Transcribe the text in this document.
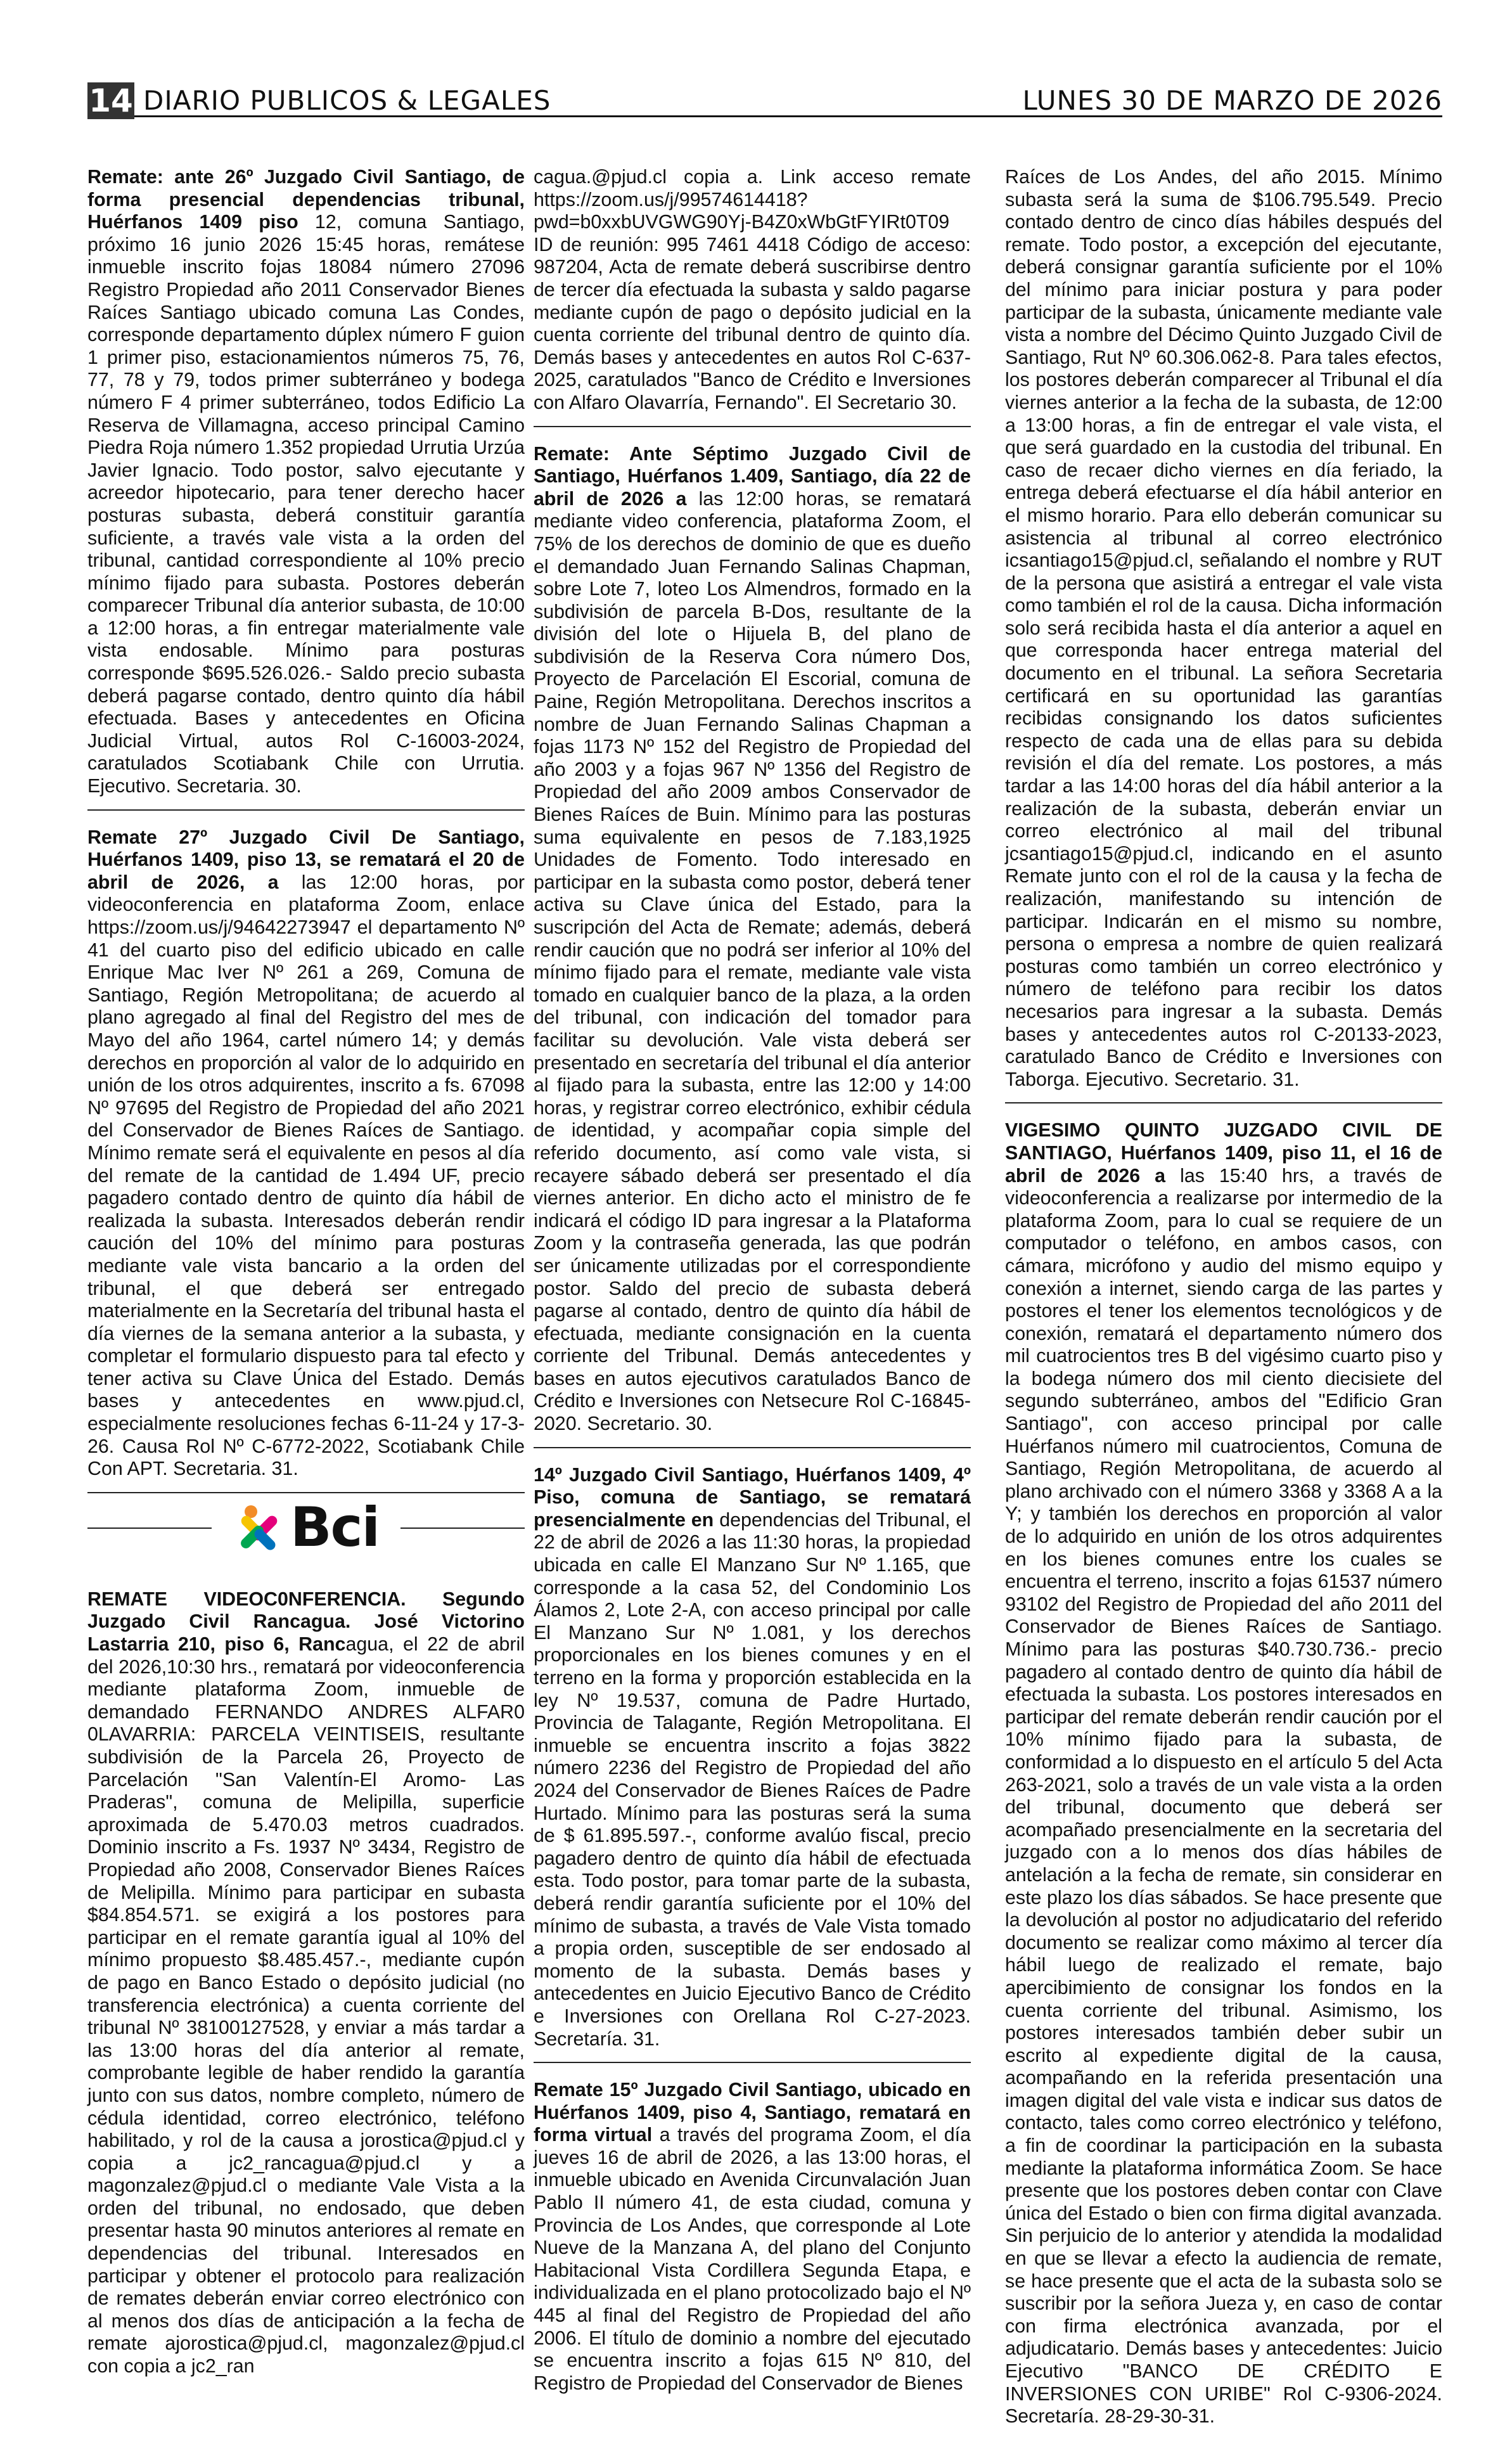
14 DIARIO PUBLICOS & LEGALES	LUNES 30 DE MARZO DE 2026
Remate: ante 26º Juzgado Civil Santiago, de forma presencial dependencias tribunal, Huérfanos 1409 piso 12, comuna Santiago, próximo 16 junio 2026 15:45 horas, remátese inmueble inscrito fojas 18084 número 27096 Registro Propiedad año 2011 Conservador Bienes Raíces Santiago ubicado comuna Las Condes, corresponde departamento dúplex número F guion 1 primer piso, estacionamientos números 75, 76, 77, 78 y 79, todos primer subterráneo y bodega número F 4 primer subterráneo, todos Edificio La Reserva de Villamagna, acceso principal Camino Piedra Roja número 1.352 propiedad Urrutia Urzúa Javier Ignacio. Todo postor, salvo ejecutante y acreedor hipotecario, para tener derecho hacer posturas subasta, deberá constituir garantía suficiente, a través vale vista a la orden del tribunal, cantidad correspondiente al 10% precio mínimo fijado para subasta. Postores deberán comparecer Tribunal día anterior subasta, de 10:00 a 12:00 horas, a fin entregar materialmente vale vista endosable. Mínimo para posturas corresponde $695.526.026.- Saldo precio subasta deberá pagarse contado, dentro quinto día hábil efectuada. Bases y antecedentes en Oficina Judicial Virtual, autos Rol C-16003-2024, caratulados Scotiabank Chile con Urrutia. Ejecutivo. Secretaria. 30.
Remate 27º Juzgado Civil De Santiago, Huérfanos 1409, piso 13, se rematará el 20 de abril de 2026, a las 12:00 horas, por videoconferencia en plataforma Zoom, enlace https://zoom.us/j/94642273947 el departamento Nº 41 del cuarto piso del edificio ubicado en calle Enrique Mac Iver Nº 261 a 269, Comuna de Santiago, Región Metropolitana; de acuerdo al plano agregado al final del Registro del mes de Mayo del año 1964, cartel número 14; y demás derechos en proporción al valor de lo adquirido en unión de los otros adquirentes, inscrito a fs. 67098 Nº 97695 del Registro de Propiedad del año 2021 del Conservador de Bienes Raíces de Santiago. Mínimo remate será el equivalente en pesos al día del remate de la cantidad de 1.494 UF, precio pagadero contado dentro de quinto día hábil de realizada la subasta. Interesados deberán rendir caución del 10% del mínimo para posturas mediante vale vista bancario a la orden del tribunal, el que deberá ser entregado materialmente en la Secretaría del tribunal hasta el día viernes de la semana anterior a la subasta, y completar el formulario dispuesto para tal efecto y tener activa su Clave Única del Estado. Demás bases y antecedentes en www.pjud.cl, especialmente resoluciones fechas 6-11-24 y 17-3-26. Causa Rol Nº C-6772-2022, Scotiabank Chile Con APT. Secretaria. 31.
Bci
REMATE VIDEOC0NFERENCIA. Segundo Juzgado Civil Rancagua. José Victorino Lastarria 210, piso 6, Rancagua, el 22 de abril del 2026,10:30 hrs., rematará por videoconferencia mediante plataforma Zoom, inmueble de demandado FERNANDO ANDRES ALFAR0 0LAVARRIA: PARCELA VEINTISEIS, resultante subdivisión de la Parcela 26, Proyecto de Parcelación "San Valentín-El Aromo- Las Praderas", comuna de Melipilla, superficie aproximada de 5.470.03 metros cuadrados. Dominio inscrito a Fs. 1937 Nº 3434, Registro de Propiedad año 2008, Conservador Bienes Raíces de Melipilla. Mínimo para participar en subasta $84.854.571. se exigirá a los postores para participar en el remate garantía igual al 10% del mínimo propuesto $8.485.457.-, mediante cupón de pago en Banco Estado o depósito judicial (no transferencia electrónica) a cuenta corriente del tribunal Nº 38100127528, y enviar a más tardar a las 13:00 horas del día anterior al remate, comprobante legible de haber rendido la garantía junto con sus datos, nombre completo, número de cédula identidad, correo electrónico, teléfono habilitado, y rol de la causa a jorostica@pjud.cl y copia a jc2_rancagua@pjud.cl y a magonzalez@pjud.cl o mediante Vale Vista a la orden del tribunal, no endosado, que deben presentar hasta 90 minutos anteriores al remate en dependencias del tribunal. Interesados en participar y obtener el protocolo para realización de remates deberán enviar correo electrónico con al menos dos días de anticipación a la fecha de remate ajorostica@pjud.cl, magonzalez@pjud.cl con copia a jc2_ran
cagua.@pjud.cl copia a. Link acceso remate https://zoom.us/j/99574614418?pwd=b0xxbUVGWG90Yj-B4Z0xWbGtFYIRt0T09 ID de reunión: 995 7461 4418 Código de acceso: 987204, Acta de remate deberá suscribirse dentro de tercer día efectuada la subasta y saldo pagarse mediante cupón de pago o depósito judicial en la cuenta corriente del tribunal dentro de quinto día. Demás bases y antecedentes en autos Rol C-637-2025, caratulados "Banco de Crédito e Inversiones con Alfaro Olavarría, Fernando". El Secretario 30.
Remate: Ante Séptimo Juzgado Civil de Santiago, Huérfanos 1.409, Santiago, día 22 de abril de 2026 a las 12:00 horas, se rematará mediante video conferencia, plataforma Zoom, el 75% de los derechos de dominio de que es dueño el demandado Juan Fernando Salinas Chapman, sobre Lote 7, loteo Los Almendros, formado en la subdivisión de parcela B-Dos, resultante de la división del lote o Hijuela B, del plano de subdivisión de la Reserva Cora número Dos, Proyecto de Parcelación El Escorial, comuna de Paine, Región Metropolitana. Derechos inscritos a nombre de Juan Fernando Salinas Chapman a fojas 1173 Nº 152 del Registro de Propiedad del año 2003 y a fojas 967 Nº 1356 del Registro de Propiedad del año 2009 ambos Conservador de Bienes Raíces de Buin. Mínimo para las posturas suma equivalente en pesos de 7.183,1925 Unidades de Fomento. Todo interesado en participar en la subasta como postor, deberá tener activa su Clave única del Estado, para la suscripción del Acta de Remate; además, deberá rendir caución que no podrá ser inferior al 10% del mínimo fijado para el remate, mediante vale vista tomado en cualquier banco de la plaza, a la orden del tribunal, con indicación del tomador para facilitar su devolución. Vale vista deberá ser presentado en secretaría del tribunal el día anterior al fijado para la subasta, entre las 12:00 y 14:00 horas, y registrar correo electrónico, exhibir cédula de identidad, y acompañar copia simple del referido documento, así como vale vista, si recayere sábado deberá ser presentado el día viernes anterior. En dicho acto el ministro de fe indicará el código ID para ingresar a la Plataforma Zoom y la contraseña generada, las que podrán ser únicamente utilizadas por el correspondiente postor. Saldo del precio de subasta deberá pagarse al contado, dentro de quinto día hábil de efectuada, mediante consignación en la cuenta corriente del Tribunal. Demás antecedentes y bases en autos ejecutivos caratulados Banco de Crédito e Inversiones con Netsecure Rol C-16845-2020. Secretario. 30.
14º Juzgado Civil Santiago, Huérfanos 1409, 4º Piso, comuna de Santiago, se rematará presencialmente en dependencias del Tribunal, el 22 de abril de 2026 a las 11:30 horas, la propiedad ubicada en calle El Manzano Sur Nº 1.165, que corresponde a la casa 52, del Condominio Los Álamos 2, Lote 2-A, con acceso principal por calle El Manzano Sur Nº 1.081, y los derechos proporcionales en los bienes comunes y en el terreno en la forma y proporción establecida en la ley Nº 19.537, comuna de Padre Hurtado, Provincia de Talagante, Región Metropolitana. El inmueble se encuentra inscrito a fojas 3822 número 2236 del Registro de Propiedad del año 2024 del Conservador de Bienes Raíces de Padre Hurtado. Mínimo para las posturas será la suma de $ 61.895.597.-, conforme avalúo fiscal, precio pagadero dentro de quinto día hábil de efectuada esta. Todo postor, para tomar parte de la subasta, deberá rendir garantía suficiente por el 10% del mínimo de subasta, a través de Vale Vista tomado a propia orden, susceptible de ser endosado al momento de la subasta. Demás bases y antecedentes en Juicio Ejecutivo Banco de Crédito e Inversiones con Orellana Rol C-27-2023. Secretaría. 31.
Remate 15º Juzgado Civil Santiago, ubicado en Huérfanos 1409, piso 4, Santiago, rematará en forma virtual a través del programa Zoom, el día jueves 16 de abril de 2026, a las 13:00 horas, el inmueble ubicado en Avenida Circunvalación Juan Pablo II número 41, de esta ciudad, comuna y Provincia de Los Andes, que corresponde al Lote Nueve de la Manzana A, del plano del Conjunto Habitacional Vista Cordillera Segunda Etapa, e individualizada en el plano protocolizado bajo el Nº 445 al final del Registro de Propiedad del año 2006. El título de dominio a nombre del ejecutado se encuentra inscrito a fojas 615 Nº 810, del Registro de Propiedad del Conservador de Bienes
Raíces de Los Andes, del año 2015. Mínimo subasta será la suma de $106.795.549. Precio contado dentro de cinco días hábiles después del remate. Todo postor, a excepción del ejecutante, deberá consignar garantía suficiente por el 10% del mínimo para iniciar postura y para poder participar de la subasta, únicamente mediante vale vista a nombre del Décimo Quinto Juzgado Civil de Santiago, Rut Nº 60.306.062-8. Para tales efectos, los postores deberán comparecer al Tribunal el día viernes anterior a la fecha de la subasta, de 12:00 a 13:00 horas, a fin de entregar el vale vista, el que será guardado en la custodia del tribunal. En caso de recaer dicho viernes en día feriado, la entrega deberá efectuarse el día hábil anterior en el mismo horario. Para ello deberán comunicar su asistencia al tribunal al correo electrónico icsantiago15@pjud.cl, señalando el nombre y RUT de la persona que asistirá a entregar el vale vista como también el rol de la causa. Dicha información solo será recibida hasta el día anterior a aquel en que corresponda hacer entrega material del documento en el tribunal. La señora Secretaria certificará en su oportunidad las garantías recibidas consignando los datos suficientes respecto de cada una de ellas para su debida revisión el día del remate. Los postores, a más tardar a las 14:00 horas del día hábil anterior a la realización de la subasta, deberán enviar un correo electrónico al mail del tribunal jcsantiago15@pjud.cl, indicando en el asunto Remate junto con el rol de la causa y la fecha de realización, manifestando su intención de participar. Indicarán en el mismo su nombre, persona o empresa a nombre de quien realizará posturas como también un correo electrónico y número de teléfono para recibir los datos necesarios para ingresar a la subasta. Demás bases y antecedentes autos rol C-20133-2023, caratulado Banco de Crédito e Inversiones con Taborga. Ejecutivo. Secretario. 31.
VIGESIMO QUINTO JUZGADO CIVIL DE SANTIAGO, Huérfanos 1409, piso 11, el 16 de abril de 2026 a las 15:40 hrs, a través de videoconferencia a realizarse por intermedio de la plataforma Zoom, para lo cual se requiere de un computador o teléfono, en ambos casos, con cámara, micrófono y audio del mismo equipo y conexión a internet, siendo carga de las partes y postores el tener los elementos tecnológicos y de conexión, rematará el departamento número dos mil cuatrocientos tres B del vigésimo cuarto piso y la bodega número dos mil ciento diecisiete del segundo subterráneo, ambos del "Edificio Gran Santiago", con acceso principal por calle Huérfanos número mil cuatrocientos, Comuna de Santiago, Región Metropolitana, de acuerdo al plano archivado con el número 3368 y 3368 A a la Y; y también los derechos en proporción al valor de lo adquirido en unión de los otros adquirentes en los bienes comunes entre los cuales se encuentra el terreno, inscrito a fojas 61537 número 93102 del Registro de Propiedad del año 2011 del Conservador de Bienes Raíces de Santiago. Mínimo para las posturas $40.730.736.- precio pagadero al contado dentro de quinto día hábil de efectuada la subasta. Los postores interesados en participar del remate deberán rendir caución por el 10% mínimo fijado para la subasta, de conformidad a lo dispuesto en el artículo 5 del Acta 263-2021, solo a través de un vale vista a la orden del tribunal, documento que deberá ser acompañado presencialmente en la secretaria del juzgado con a lo menos dos días hábiles de antelación a la fecha de remate, sin considerar en este plazo los días sábados. Se hace presente que la devolución al postor no adjudicatario del referido documento se realizar como máximo al tercer día hábil luego de realizado el remate, bajo apercibimiento de consignar los fondos en la cuenta corriente del tribunal. Asimismo, los postores interesados también deber subir un escrito al expediente digital de la causa, acompañando en la referida presentación una imagen digital del vale vista e indicar sus datos de contacto, tales como correo electrónico y teléfono, a fin de coordinar la participación en la subasta mediante la plataforma informática Zoom. Se hace presente que los postores deben contar con Clave única del Estado o bien con firma digital avanzada. Sin perjuicio de lo anterior y atendida la modalidad en que se llevar a efecto la audiencia de remate, se hace presente que el acta de la subasta solo se suscribir por la señora Jueza y, en caso de contar con firma electrónica avanzada, por el adjudicatario. Demás bases y antecedentes: Juicio Ejecutivo "BANCO DE CRÉDITO E INVERSIONES CON URIBE" Rol C-9306-2024. Secretaría. 28-29-30-31.
